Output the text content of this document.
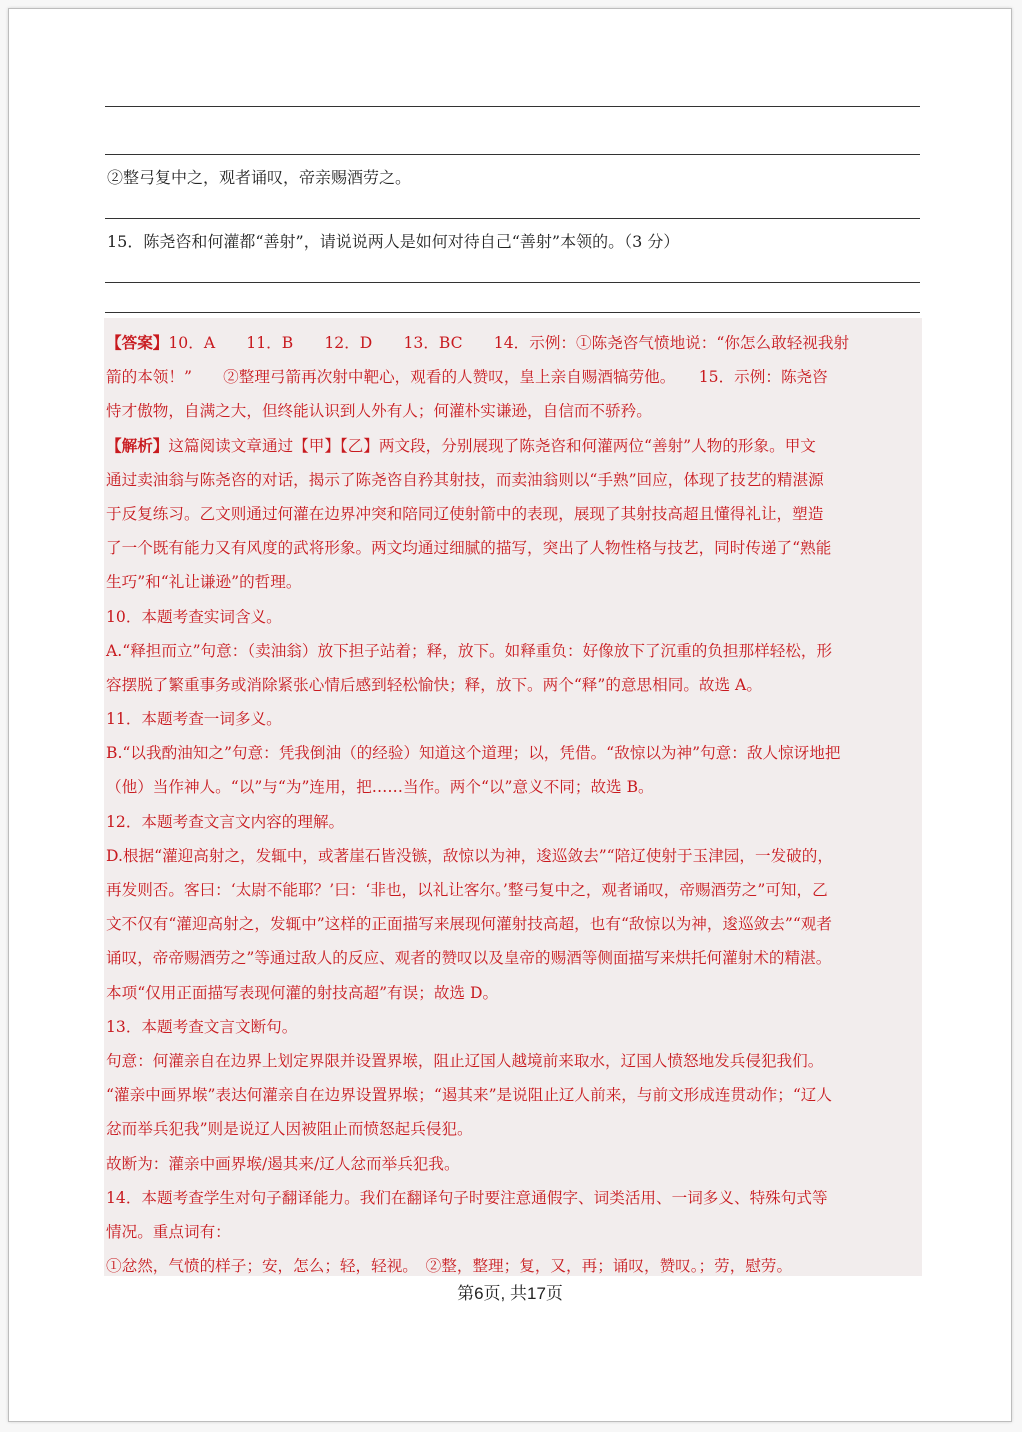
②整弓复中之，观者诵叹，帝亲赐酒劳之。
15．陈尧咨和何灌都“善射”，请说说两人是如何对待自己“善射”本领的。（3 分）
【答案】10．A　　11．B　　12．D　　13．BC　　14．示例：①陈尧咨气愤地说：“你怎么敢轻视我射
箭的本领！”　　②整理弓箭再次射中靶心，观看的人赞叹，皇上亲自赐酒犒劳他。　　15．示例：陈尧咨
恃才傲物，自满之大，但终能认识到人外有人；何灌朴实谦逊，自信而不骄矜。
【解析】这篇阅读文章通过【甲】【乙】两文段，分别展现了陈尧咨和何灌两位“善射”人物的形象。甲文
通过卖油翁与陈尧咨的对话，揭示了陈尧咨自矜其射技，而卖油翁则以“手熟”回应，体现了技艺的精湛源
于反复练习。乙文则通过何灌在边界冲突和陪同辽使射箭中的表现，展现了其射技高超且懂得礼让，塑造
了一个既有能力又有风度的武将形象。两文均通过细腻的描写，突出了人物性格与技艺，同时传递了“熟能
生巧”和“礼让谦逊”的哲理。
10．本题考查实词含义。
A.“释担而立”句意：（卖油翁）放下担子站着；释，放下。如释重负：好像放下了沉重的负担那样轻松，形
容摆脱了繁重事务或消除紧张心情后感到轻松愉快；释，放下。两个“释”的意思相同。故选 A。
11．本题考查一词多义。
B.“以我酌油知之”句意：凭我倒油（的经验）知道这个道理；以，凭借。“敌惊以为神”句意：敌人惊讶地把
（他）当作神人。“以”与“为”连用，把……当作。两个“以”意义不同；故选 B。
12．本题考查文言文内容的理解。
D.根据“灌迎高射之，发辄中，或著崖石皆没镞，敌惊以为神，逡巡敛去”“陪辽使射于玉津园，一发破的，
再发则否。客曰：‘太尉不能耶？’曰：‘非也，以礼让客尔。’整弓复中之，观者诵叹，帝赐酒劳之”可知，乙
文不仅有“灌迎高射之，发辄中”这样的正面描写来展现何灌射技高超，也有“敌惊以为神，逡巡敛去”“观者
诵叹，帝帝赐酒劳之”等通过敌人的反应、观者的赞叹以及皇帝的赐酒等侧面描写来烘托何灌射术的精湛。
本项“仅用正面描写表现何灌的射技高超”有误；故选 D。
13．本题考查文言文断句。
句意：何灌亲自在边界上划定界限并设置界堠，阻止辽国人越境前来取水，辽国人愤怒地发兵侵犯我们。
“灌亲中画界堠”表达何灌亲自在边界设置界堠；“遏其来”是说阻止辽人前来，与前文形成连贯动作；“辽人
忿而举兵犯我”则是说辽人因被阻止而愤怒起兵侵犯。
故断为：灌亲中画界堠/遏其来/辽人忿而举兵犯我。
14．本题考查学生对句子翻译能力。我们在翻译句子时要注意通假字、词类活用、一词多义、特殊句式等
情况。重点词有：
①忿然，气愤的样子；安，怎么；轻，轻视。　②整，整理；复，又，再；诵叹，赞叹。；劳，慰劳。
第6页, 共17页
